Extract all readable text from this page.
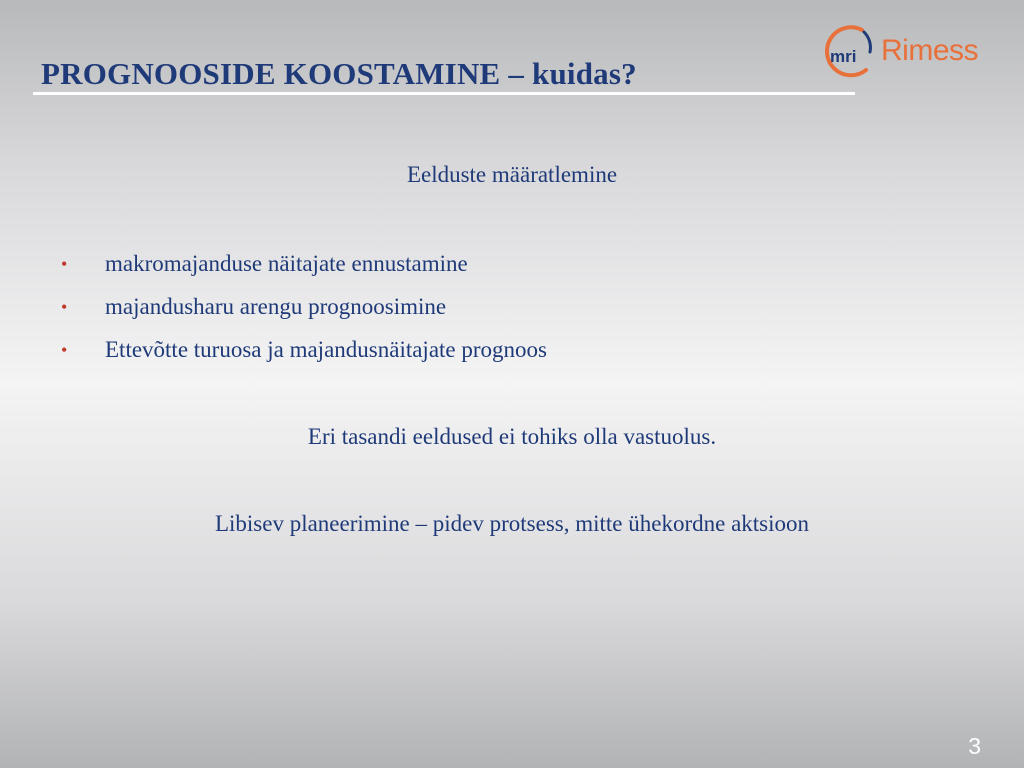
PROGNOOSIDE KOOSTAMINE – kuidas?	mri Rimess
Eelduste määratlemine
• makromajanduse näitajate ennustamine
• majandusharu arengu prognoosimine
• Ettevõtte turuosa ja majandusnäitajate prognoos
Eri tasandi eeldused ei tohiks olla vastuolus.
Libisev planeerimine – pidev protsess, mitte ühekordne aktsioon
3
